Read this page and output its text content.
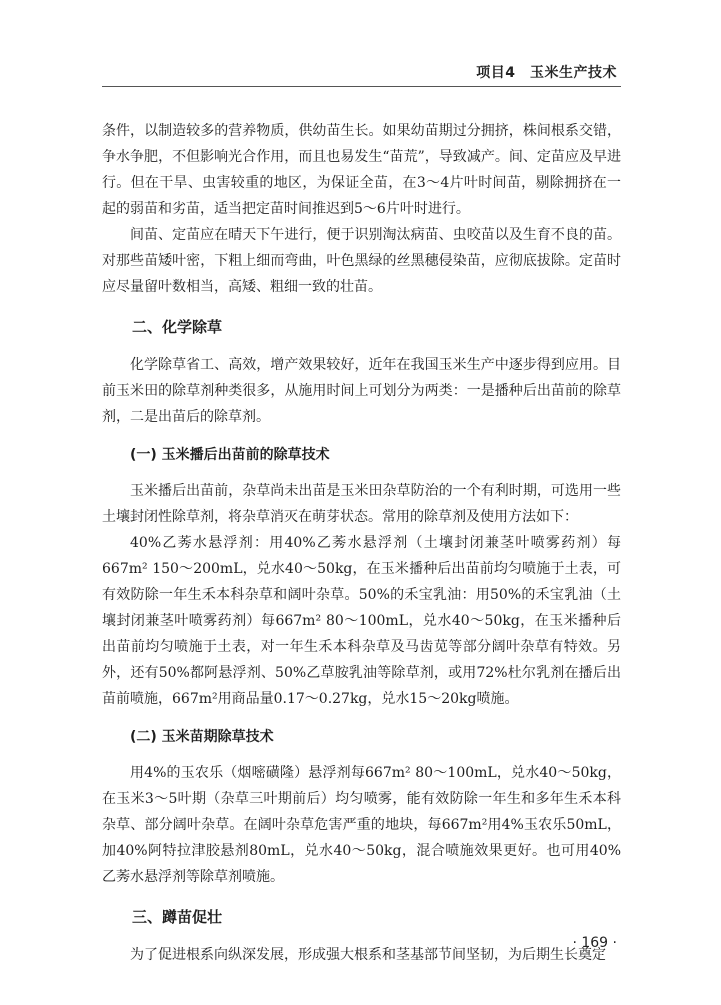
项目4　玉米生产技术

条件，以制造较多的营养物质，供幼苗生长。如果幼苗期过分拥挤，株间根系交错，争水争肥，不但影响光合作用，而且也易发生“苗荒”，导致减产。间、定苗应及早进行。但在干旱、虫害较重的地区，为保证全苗，在3～4片叶时间苗，剔除拥挤在一起的弱苗和劣苗，适当把定苗时间推迟到5～6片叶时进行。

间苗、定苗应在晴天下午进行，便于识别淘汰病苗、虫咬苗以及生育不良的苗。对那些苗矮叶密，下粗上细而弯曲，叶色黑绿的丝黑穗侵染苗，应彻底拔除。定苗时应尽量留叶数相当，高矮、粗细一致的壮苗。

二、化学除草

化学除草省工、高效，增产效果较好，近年在我国玉米生产中逐步得到应用。目前玉米田的除草剂种类很多，从施用时间上可划分为两类：一是播种后出苗前的除草剂，二是出苗后的除草剂。

(一) 玉米播后出苗前的除草技术

玉米播后出苗前，杂草尚未出苗是玉米田杂草防治的一个有利时期，可选用一些土壤封闭性除草剂，将杂草消灭在萌芽状态。常用的除草剂及使用方法如下：

40%乙莠水悬浮剂：用40%乙莠水悬浮剂（土壤封闭兼茎叶喷雾药剂）每667m² 150～200mL，兑水40～50kg，在玉米播种后出苗前均匀喷施于土表，可有效防除一年生禾本科杂草和阔叶杂草。50%的禾宝乳油：用50%的禾宝乳油（土壤封闭兼茎叶喷雾药剂）每667m² 80～100mL，兑水40～50kg，在玉米播种后出苗前均匀喷施于土表，对一年生禾本科杂草及马齿苋等部分阔叶杂草有特效。另外，还有50%都阿悬浮剂、50%乙草胺乳油等除草剂，或用72%杜尔乳剂在播后出苗前喷施，667m²用商品量0.17～0.27kg，兑水15～20kg喷施。

(二) 玉米苗期除草技术

用4%的玉农乐（烟嘧磺隆）悬浮剂每667m² 80～100mL，兑水40～50kg，在玉米3～5叶期（杂草三叶期前后）均匀喷雾，能有效防除一年生和多年生禾本科杂草、部分阔叶杂草。在阔叶杂草危害严重的地块，每667m²用4%玉农乐50mL，加40%阿特拉津胶悬剂80mL，兑水40～50kg，混合喷施效果更好。也可用40%乙莠水悬浮剂等除草剂喷施。

三、蹲苗促壮

为了促进根系向纵深发展，形成强大根系和茎基部节间坚韧，为后期生长奠定

· 169 ·
